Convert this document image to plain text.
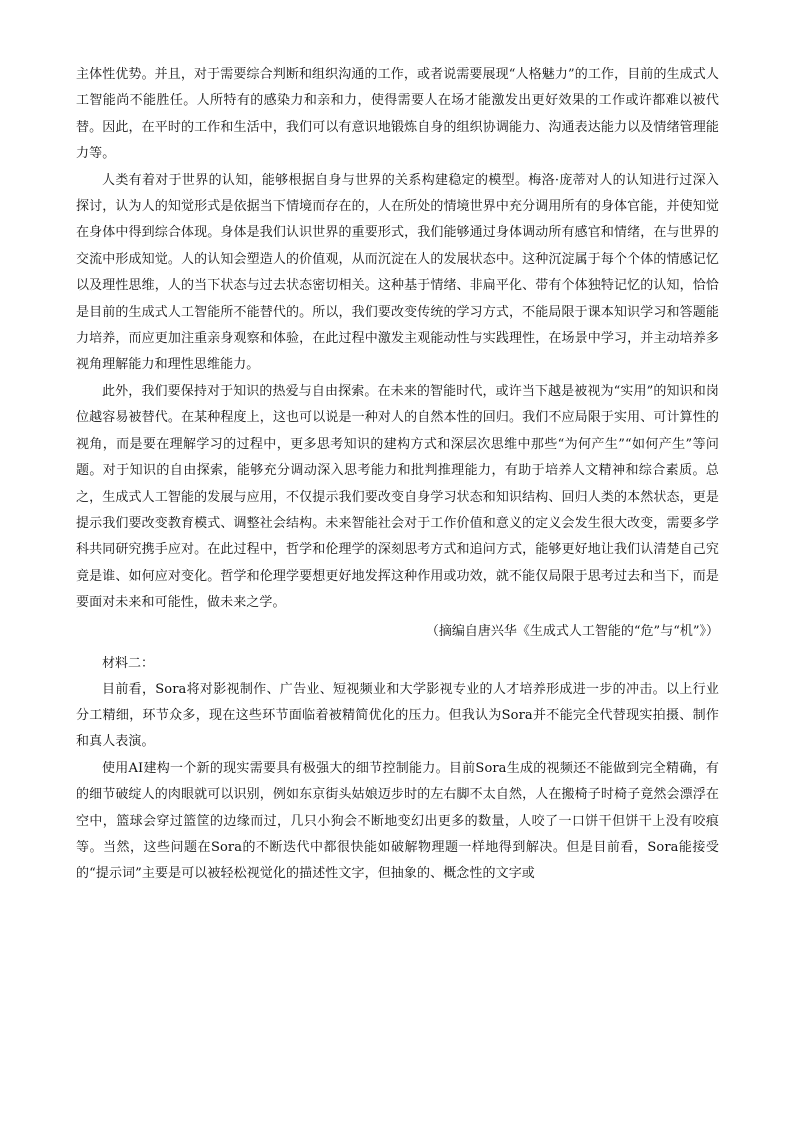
主体性优势。并且，对于需要综合判断和组织沟通的工作，或者说需要展现“人格魅力”的工作，目前的生成式人工智能尚不能胜任。人所特有的感染力和亲和力，使得需要人在场才能激发出更好效果的工作或许都难以被代替。因此，在平时的工作和生活中，我们可以有意识地锻炼自身的组织协调能力、沟通表达能力以及情绪管理能力等。

人类有着对于世界的认知，能够根据自身与世界的关系构建稳定的模型。梅洛·庞蒂对人的认知进行过深入探讨，认为人的知觉形式是依据当下情境而存在的，人在所处的情境世界中充分调用所有的身体官能，并使知觉在身体中得到综合体现。身体是我们认识世界的重要形式，我们能够通过身体调动所有感官和情绪，在与世界的交流中形成知觉。人的认知会塑造人的价值观，从而沉淀在人的发展状态中。这种沉淀属于每个个体的情感记忆以及理性思维，人的当下状态与过去状态密切相关。这种基于情绪、非扁平化、带有个体独特记忆的认知，恰恰是目前的生成式人工智能所不能替代的。所以，我们要改变传统的学习方式，不能局限于课本知识学习和答题能力培养，而应更加注重亲身观察和体验，在此过程中激发主观能动性与实践理性，在场景中学习，并主动培养多视角理解能力和理性思维能力。

此外，我们要保持对于知识的热爱与自由探索。在未来的智能时代，或许当下越是被视为“实用”的知识和岗位越容易被替代。在某种程度上，这也可以说是一种对人的自然本性的回归。我们不应局限于实用、可计算性的视角，而是要在理解学习的过程中，更多思考知识的建构方式和深层次思维中那些“为何产生”“如何产生”等问题。对于知识的自由探索，能够充分调动深入思考能力和批判推理能力，有助于培养人文精神和综合素质。总之，生成式人工智能的发展与应用，不仅提示我们要改变自身学习状态和知识结构、回归人类的本然状态，更是提示我们要改变教育模式、调整社会结构。未来智能社会对于工作价值和意义的定义会发生很大改变，需要多学科共同研究携手应对。在此过程中，哲学和伦理学的深刻思考方式和追问方式，能够更好地让我们认清楚自己究竟是谁、如何应对变化。哲学和伦理学要想更好地发挥这种作用或功效，就不能仅局限于思考过去和当下，而是要面对未来和可能性，做未来之学。

（摘编自唐兴华《生成式人工智能的“危”与“机”》）

材料二：

目前看，Sora将对影视制作、广告业、短视频业和大学影视专业的人才培养形成进一步的冲击。以上行业分工精细，环节众多，现在这些环节面临着被精简优化的压力。但我认为Sora并不能完全代替现实拍摄、制作和真人表演。

使用AI建构一个新的现实需要具有极强大的细节控制能力。目前Sora生成的视频还不能做到完全精确，有的细节破绽人的肉眼就可以识别，例如东京街头姑娘迈步时的左右脚不太自然，人在搬椅子时椅子竟然会漂浮在空中，篮球会穿过篮筐的边缘而过，几只小狗会不断地变幻出更多的数量，人咬了一口饼干但饼干上没有咬痕等。当然，这些问题在Sora的不断迭代中都很快能如破解物理题一样地得到解决。但是目前看，Sora能接受的“提示词”主要是可以被轻松视觉化的描述性文字，但抽象的、概念性的文字或
